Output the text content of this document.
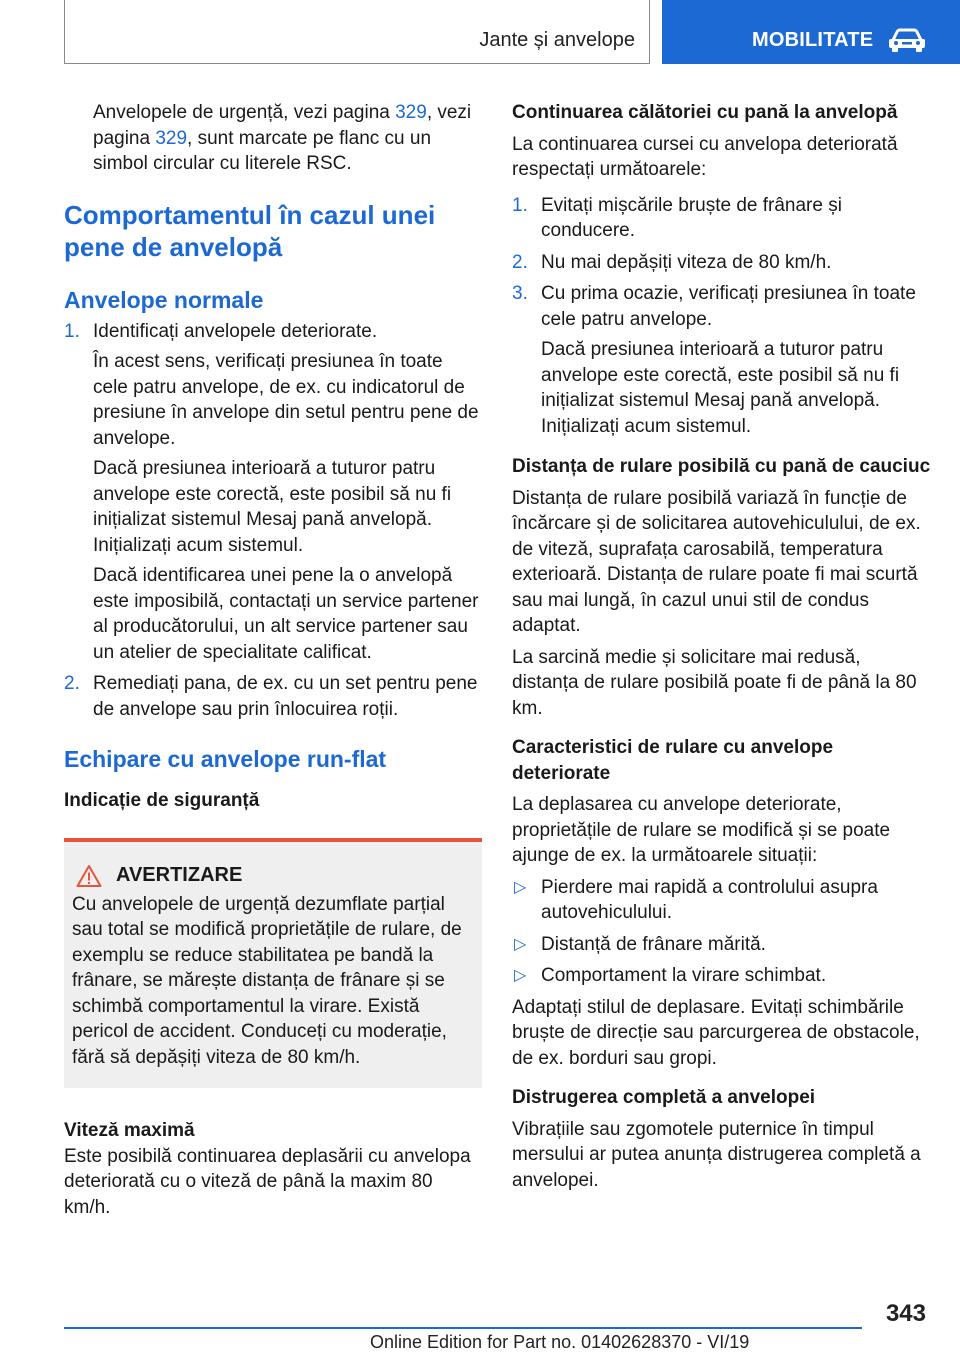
Jante și anvelope	MOBILITATE

Anvelopele de urgență, vezi pagina 329, vezi pagina 329, sunt marcate pe flanc cu un simbol circular cu literele RSC.

Comportamentul în cazul unei pene de anvelopă
Anvelope normale
1. Identificați anvelopele deteriorate.
În acest sens, verificați presiunea în toate cele patru anvelope, de ex. cu indicatorul de presiune în anvelope din setul pentru pene de anvelope.
Dacă presiunea interioară a tuturor patru anvelope este corectă, este posibil să nu fi inițializat sistemul Mesaj pană anvelopă. Inițializați acum sistemul.
Dacă identificarea unei pene la o anvelopă este imposibilă, contactați un service partener al producătorului, un alt service partener sau un atelier de specialitate calificat.
2. Remediați pana, de ex. cu un set pentru pene de anvelope sau prin înlocuirea roții.
Echipare cu anvelope run-flat
Indicație de siguranță
AVERTIZARE
Cu anvelopele de urgență dezumflate parțial sau total se modifică proprietățile de rulare, de exemplu se reduce stabilitatea pe bandă la frânare, se mărește distanța de frânare și se schimbă comportamentul la virare. Există pericol de accident. Conduceți cu moderație, fără să depășiți viteza de 80 km/h.
Viteză maximă

Este posibilă continuarea deplasării cu anvelopa deteriorată cu o viteză de până la maxim 80 km/h.

Continuarea călătoriei cu pană la anvelopă

La continuarea cursei cu anvelopa deteriorată respectați următoarele:

1. Evitați mișcările bruște de frânare și conducere.
2. Nu mai depășiți viteza de 80 km/h.
3. Cu prima ocazie, verificați presiunea în toate cele patru anvelope.
Dacă presiunea interioară a tuturor patru anvelope este corectă, este posibil să nu fi inițializat sistemul Mesaj pană anvelopă. Inițializați acum sistemul.
Distanța de rulare posibilă cu pană de cauciuc

Distanța de rulare posibilă variază în funcție de încărcare și de solicitarea autovehiculului, de ex. de viteză, suprafața carosabilă, temperatura exterioară. Distanța de rulare poate fi mai scurtă sau mai lungă, în cazul unui stil de condus adaptat.

La sarcină medie și solicitare mai redusă, distanța de rulare posibilă poate fi de până la 80 km.

Caracteristici de rulare cu anvelope deteriorate

La deplasarea cu anvelope deteriorate, proprietățile de rulare se modifică și se poate ajunge de ex. la următoarele situații:

▷ Pierdere mai rapidă a controlului asupra autovehiculului.
▷ Distanță de frânare mărită.
▷ Comportament la virare schimbat.

Adaptați stilul de deplasare. Evitați schimbările bruște de direcție sau parcurgerea de obstacole, de ex. borduri sau gropi.

Distrugerea completă a anvelopei

Vibrațiile sau zgomotele puternice în timpul mersului ar putea anunța distrugerea completă a anvelopei.

343
Online Edition for Part no. 01402628370 - VI/19
